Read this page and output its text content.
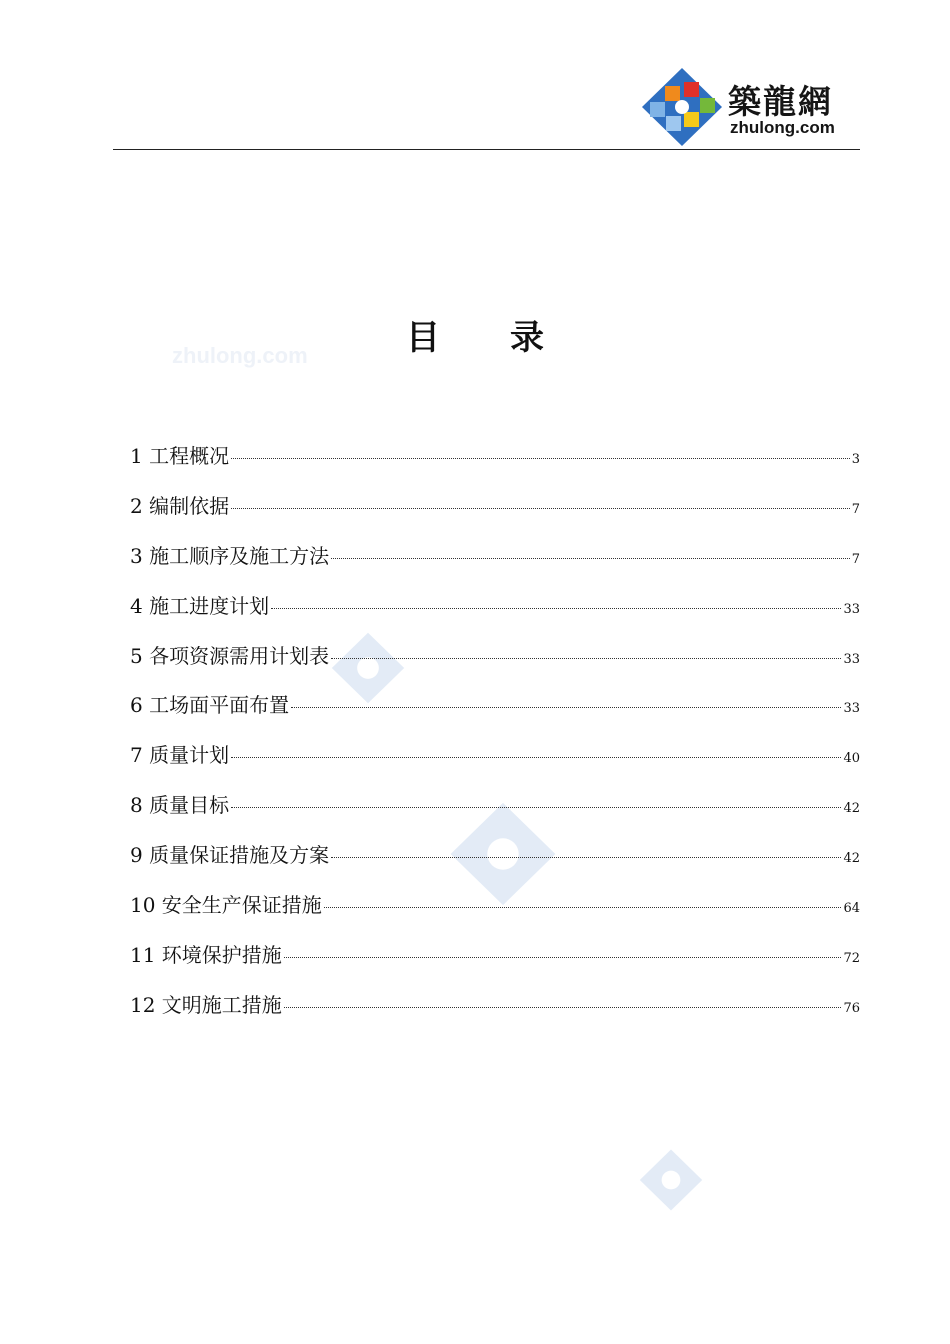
築龍網
zhulong.com
zhulong.com	目 录
1 工程概况	3
2 编制依据	7
3 施工顺序及施工方法	7
4 施工进度计划	33
5 各项资源需用计划表	33
6 工场面平面布置	33
7 质量计划	40
8 质量目标	42
9 质量保证措施及方案	42
10 安全生产保证措施	64
11 环境保护措施	72
12 文明施工措施	76
